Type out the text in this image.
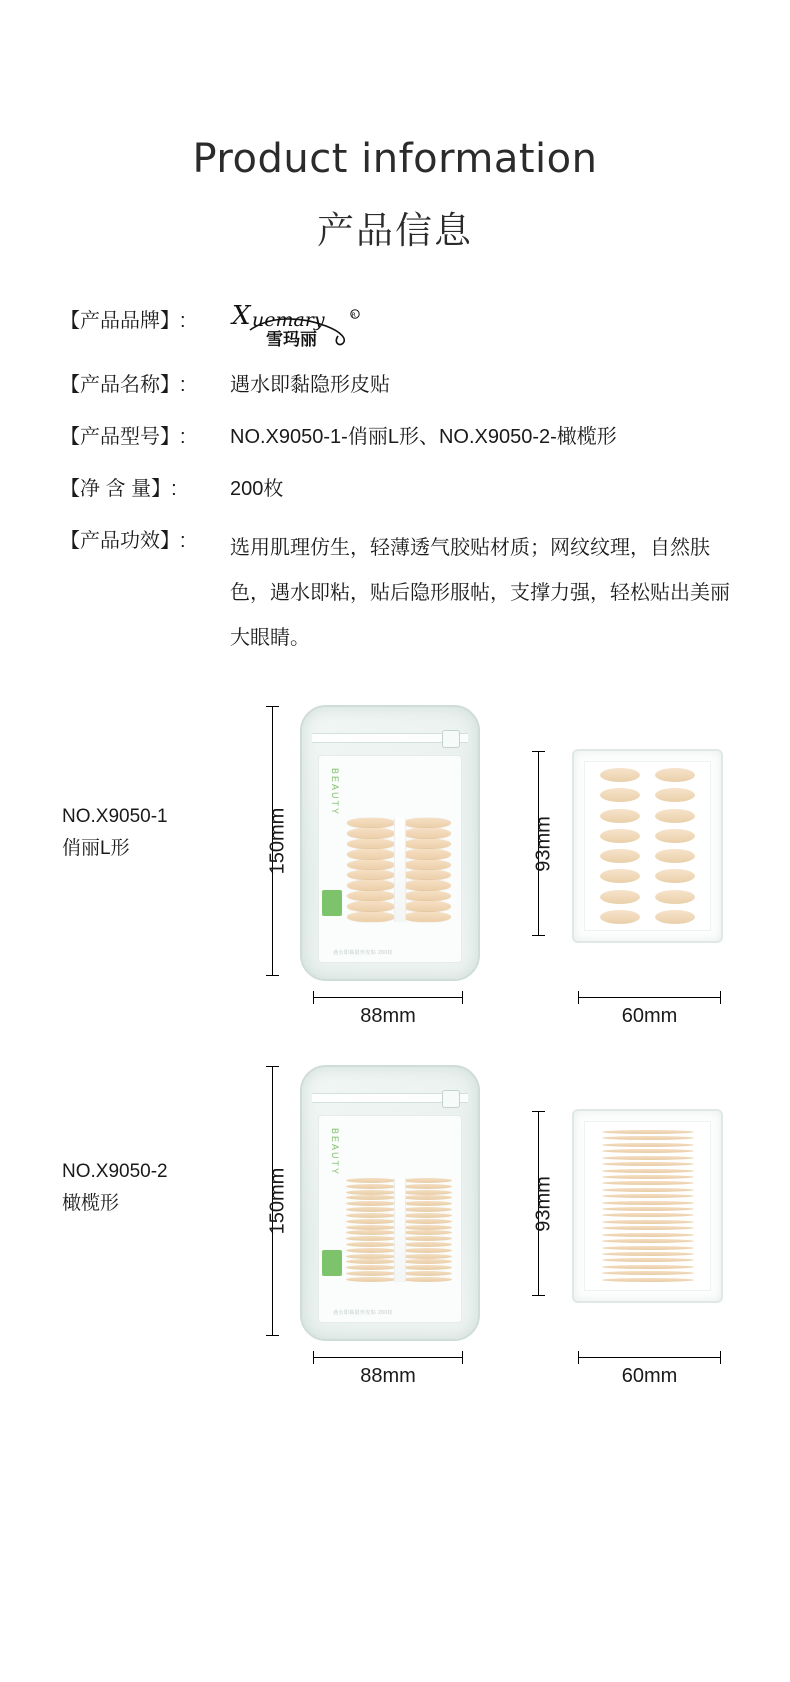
Product information
产品信息
【产品品牌】:	X uemary	R
雪玛丽
【产品名称】:	遇水即黏隐形皮贴
【产品型号】:	NO.X9050-1-俏丽L形、NO.X9050-2-橄榄形
【净 含 量】:	200枚
【产品功效】:	选用肌理仿生，轻薄透气胶贴材质；网纹纹理，自然肤色，遇水即粘，贴后隐形服帖，支撑力强，轻松贴出美丽大眼睛。
NO.X9050-1
俏丽L形	150mm
BEAUTY
遇水即黏隐形皮贴 200枚
88mm
93mm
60mm
NO.X9050-2
橄榄形	150mm
BEAUTY
遇水即黏隐形皮贴 200枚
88mm
93mm
60mm
